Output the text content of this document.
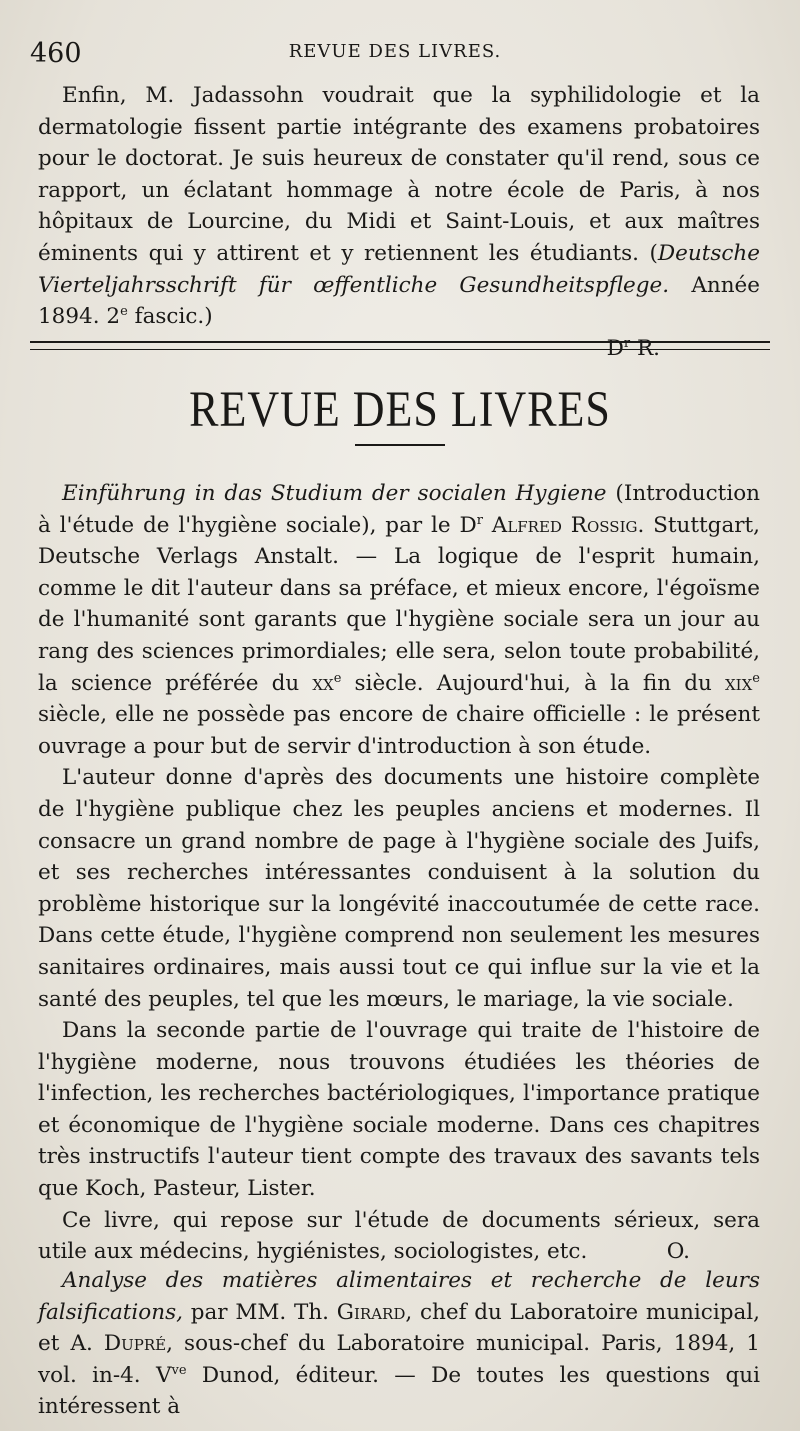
460	REVUE DES LIVRES.

Enfin, M. Jadassohn voudrait que la syphilidologie et la dermatologie fissent partie intégrante des examens probatoires pour le doctorat. Je suis heureux de constater qu'il rend, sous ce rapport, un éclatant hommage à notre école de Paris, à nos hôpitaux de Lourcine, du Midi et Saint-Louis, et aux maîtres éminents qui y attirent et y retiennent les étudiants. (Deutsche Vierteljahrsschrift für œffentliche Gesundheitspflege. Année 1894. 2e fascic.)

$D^r$ R.

REVUE DES LIVRES

Einführung in das Studium der socialen Hygiene (Introduction à l'étude de l'hygiène sociale), par le $D^r$ Alfred Rossig. Stuttgart, Deutsche Verlags Anstalt. — La logique de l'esprit humain, comme le dit l'auteur dans sa préface, et mieux encore, l'égoïsme de l'humanité sont garants que l'hygiène sociale sera un jour au rang des sciences primordiales; elle sera, selon toute probabilité, la science préférée du $xx^e$ siècle. Aujourd'hui, à la fin du xix$^e$ siècle, elle ne possède pas encore de chaire officielle : le présent ouvrage a pour but de servir d'introduction à son étude.

L'auteur donne d'après des documents une histoire complète de l'hygiène publique chez les peuples anciens et modernes. Il consacre un grand nombre de page à l'hygiène sociale des Juifs, et ses recherches intéressantes conduisent à la solution du problème historique sur la longévité inaccoutumée de cette race. Dans cette étude, l'hygiène comprend non seulement les mesures sanitaires ordinaires, mais aussi tout ce qui influe sur la vie et la santé des peuples, tel que les mœurs, le mariage, la vie sociale.

Dans la seconde partie de l'ouvrage qui traite de l'histoire de l'hygiène moderne, nous trouvons étudiées les théories de l'infection, les recherches bactériologiques, l'importance pratique et économique de l'hygiène sociale moderne. Dans ces chapitres très instructifs l'auteur tient compte des travaux des savants tels que Koch, Pasteur, Lister.

Ce livre, qui repose sur l'étude de documents sérieux, sera utile aux médecins, hygiénistes, sociologistes, etc.	O.

Analyse des matières alimentaires et recherche de leurs falsifications, par MM. Th. Girard, chef du Laboratoire municipal, et A. Dupré, sous-chef du Laboratoire municipal. Paris, 1894, 1 vol. in-4. $V^{ve}$ Dunod, éditeur. — De toutes les questions qui intéressent à
